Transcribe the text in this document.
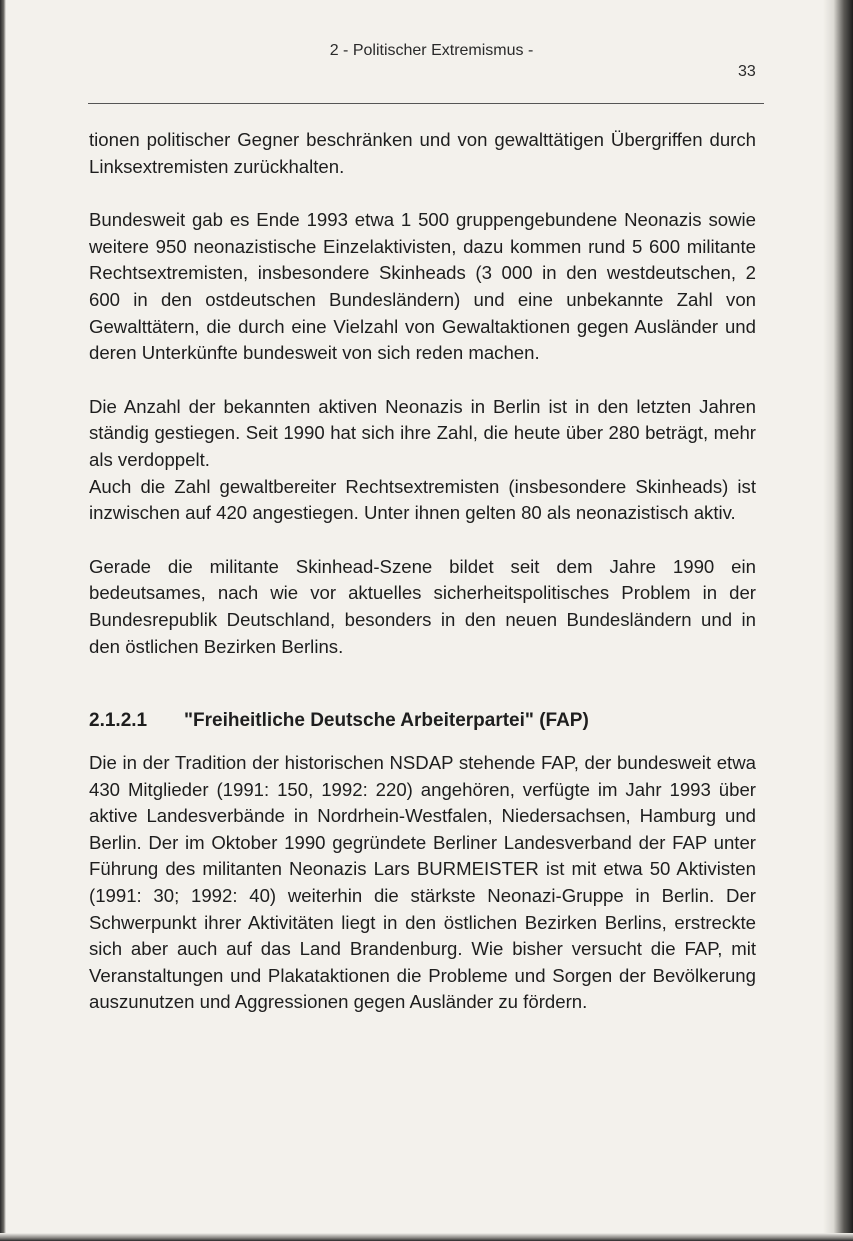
2 - Politischer Extremismus -
33

tionen politischer Gegner beschränken und von gewalttätigen Übergriffen durch Linksextremisten zurückhalten.

Bundesweit gab es Ende 1993 etwa 1 500 gruppengebundene Neonazis sowie weitere 950 neonazistische Einzelaktivisten, dazu kommen rund 5 600 militante Rechtsextremisten, insbesondere Skinheads (3 000 in den westdeutschen, 2 600 in den ostdeutschen Bundesländern) und eine unbekannte Zahl von Gewalttätern, die durch eine Vielzahl von Gewaltaktionen gegen Ausländer und deren Unterkünfte bundesweit von sich reden machen.

Die Anzahl der bekannten aktiven Neonazis in Berlin ist in den letzten Jahren ständig gestiegen. Seit 1990 hat sich ihre Zahl, die heute über 280 beträgt, mehr als verdoppelt.

Auch die Zahl gewaltbereiter Rechtsextremisten (insbesondere Skinheads) ist inzwischen auf 420 angestiegen. Unter ihnen gelten 80 als neonazistisch aktiv.

Gerade die militante Skinhead-Szene bildet seit dem Jahre 1990 ein bedeutsames, nach wie vor aktuelles sicherheitspolitisches Problem in der Bundesrepublik Deutschland, besonders in den neuen Bundesländern und in den östlichen Bezirken Berlins.

2.1.2.1	"Freiheitliche Deutsche Arbeiterpartei" (FAP)

Die in der Tradition der historischen NSDAP stehende FAP, der bundesweit etwa 430 Mitglieder (1991: 150, 1992: 220) angehören, verfügte im Jahr 1993 über aktive Landesverbände in Nordrhein-Westfalen, Niedersachsen, Hamburg und Berlin. Der im Oktober 1990 gegründete Berliner Landesverband der FAP unter Führung des militanten Neonazis Lars BURMEISTER ist mit etwa 50 Aktivisten (1991: 30; 1992: 40) weiterhin die stärkste Neonazi-Gruppe in Berlin. Der Schwerpunkt ihrer Aktivitäten liegt in den östlichen Bezirken Berlins, erstreckte sich aber auch auf das Land Brandenburg. Wie bisher versucht die FAP, mit Veranstaltungen und Plakataktionen die Probleme und Sorgen der Bevölkerung auszunutzen und Aggressionen gegen Ausländer zu fördern.
